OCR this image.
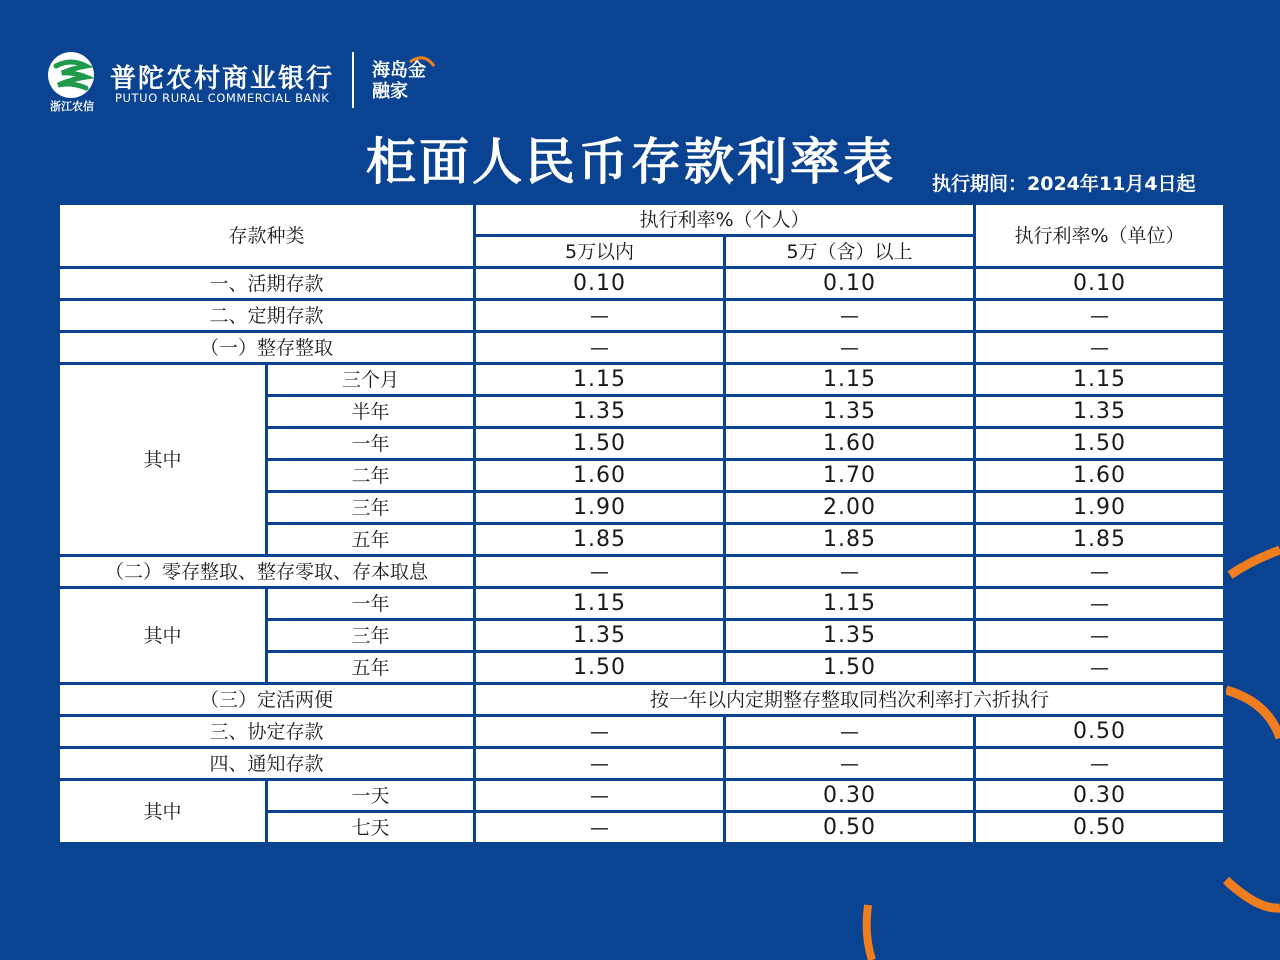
浙江农信
普陀农村商业银行
PUTUO RURAL COMMERCIAL BANK
海岛金融家
柜面人民币存款利率表 执行期间：2024年11月4日起
存款种类		执行利率%（个人）		执行利率%（单位）
		5万以内	5万（含）以上	
一、活期存款		0.10	0.10	0.10
二、定期存款		—	—	—
（一）整存整取		—	—	—
其中	三个月	1.15	1.15	1.15
	半年	1.35	1.35	1.35
	一年	1.50	1.60	1.50
	二年	1.60	1.70	1.60
	三年	1.90	2.00	1.90
	五年	1.85	1.85	1.85
（二）零存整取、整存零取、存本取息		—	—	—
其中	一年	1.15	1.15	—
	三年	1.35	1.35	—
	五年	1.50	1.50	—
（三）定活两便		按一年以内定期整存整取同档次利率打六折执行		
三、协定存款		—	—	0.50
四、通知存款		—	—	—
其中	一天	—	0.30	0.30
	七天	—	0.50	0.50
